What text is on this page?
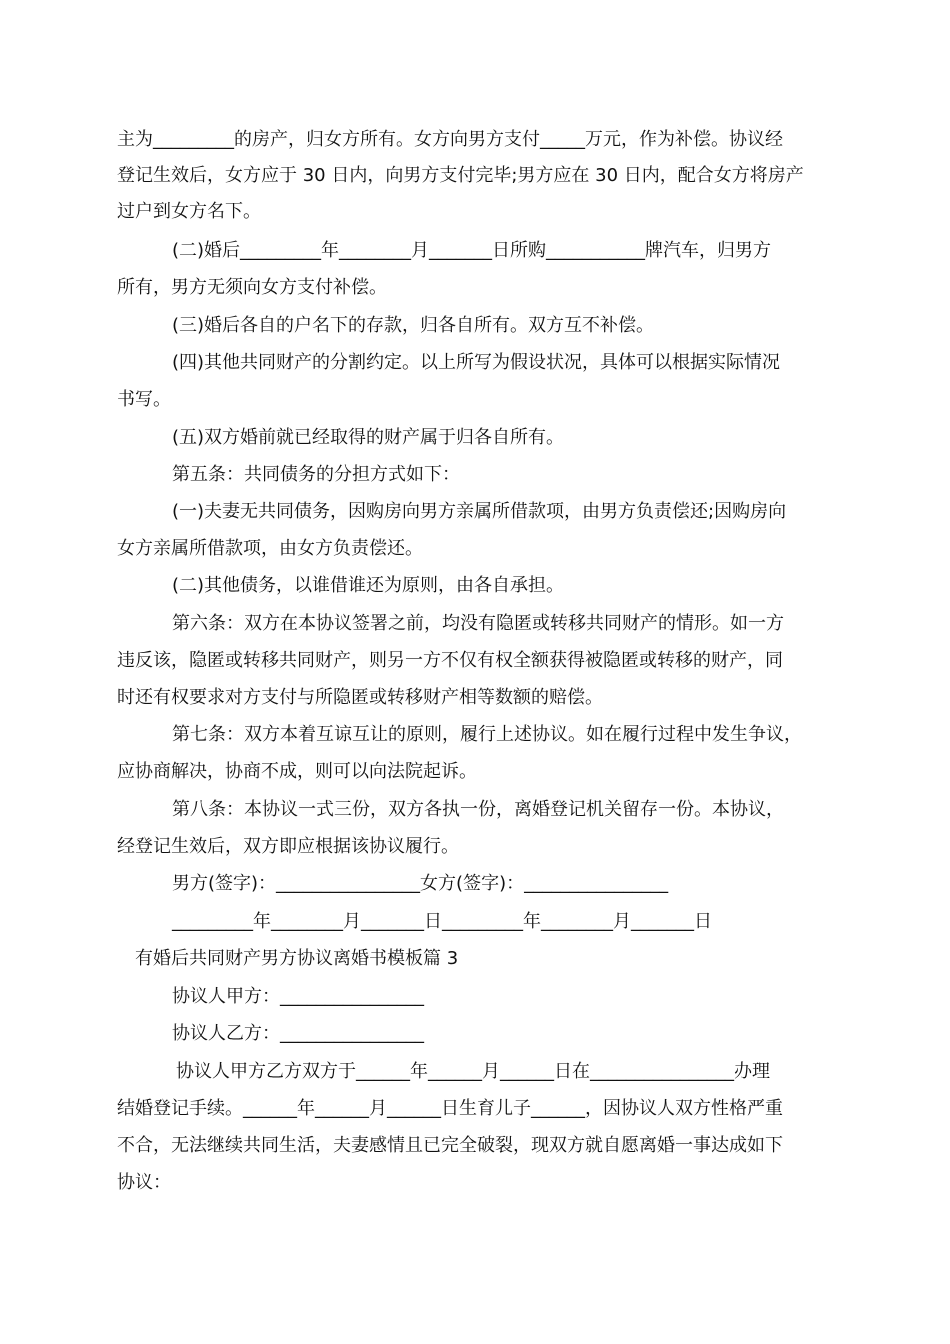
主为_________的房产，归女方所有。女方向男方支付_____万元，作为补偿。协议经
登记生效后，女方应于 30 日内，向男方支付完毕;男方应在 30 日内，配合女方将房产
过户到女方名下。
(二)婚后_________年________月_______日所购___________牌汽车，归男方
所有，男方无须向女方支付补偿。
(三)婚后各自的户名下的存款，归各自所有。双方互不补偿。
(四)其他共同财产的分割约定。以上所写为假设状况，具体可以根据实际情况
书写。
(五)双方婚前就已经取得的财产属于归各自所有。
第五条：共同债务的分担方式如下：
(一)夫妻无共同债务，因购房向男方亲属所借款项，由男方负责偿还;因购房向
女方亲属所借款项，由女方负责偿还。
(二)其他债务，以谁借谁还为原则，由各自承担。
第六条：双方在本协议签署之前，均没有隐匿或转移共同财产的情形。如一方
违反该，隐匿或转移共同财产，则另一方不仅有权全额获得被隐匿或转移的财产，同
时还有权要求对方支付与所隐匿或转移财产相等数额的赔偿。
第七条：双方本着互谅互让的原则，履行上述协议。如在履行过程中发生争议，
应协商解决，协商不成，则可以向法院起诉。
第八条：本协议一式三份，双方各执一份，离婚登记机关留存一份。本协议，
经登记生效后，双方即应根据该协议履行。
男方(签字)：________________女方(签字)：________________
_________年________月_______日_________年________月_______日
有婚后共同财产男方协议离婚书模板篇 3
协议人甲方：________________
协议人乙方：________________
协议人甲方乙方双方于______年______月______日在________________办理
结婚登记手续。______年______月______日生育儿子______，因协议人双方性格严重
不合，无法继续共同生活，夫妻感情且已完全破裂，现双方就自愿离婚一事达成如下
协议：
